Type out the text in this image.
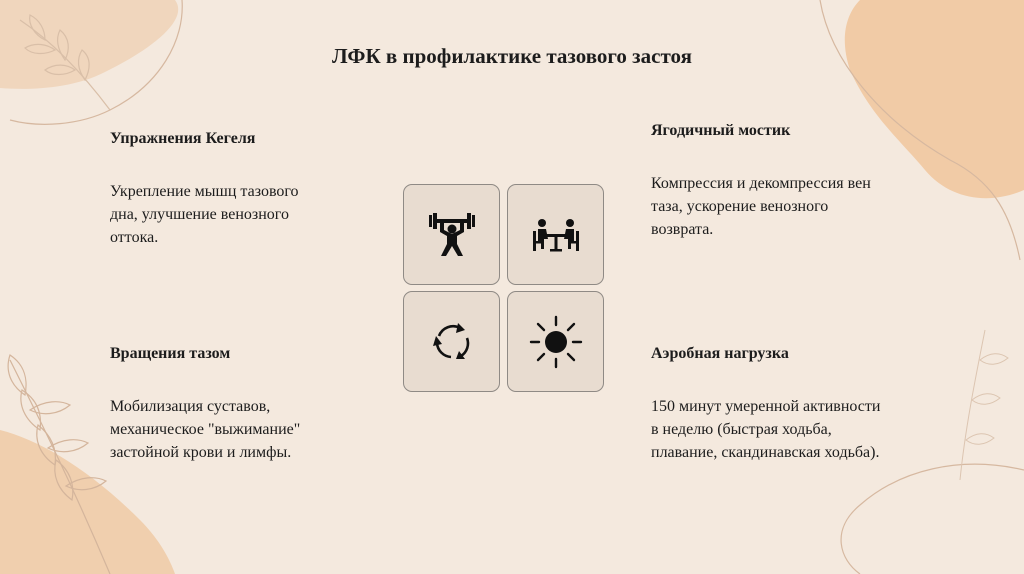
ЛФК в профилактике тазового застоя
Упражнения Кегеля
Укрепление мышц тазового
дна, улучшение венозного
оттока.
Ягодичный мостик
Компрессия и декомпрессия вен
таза, ускорение венозного
возврата.
Вращения тазом
Мобилизация суставов,
механическое "выжимание"
застойной крови и лимфы.
Аэробная нагрузка
150 минут умеренной активности
в неделю (быстрая ходьба,
плавание, скандинавская ходьба).
